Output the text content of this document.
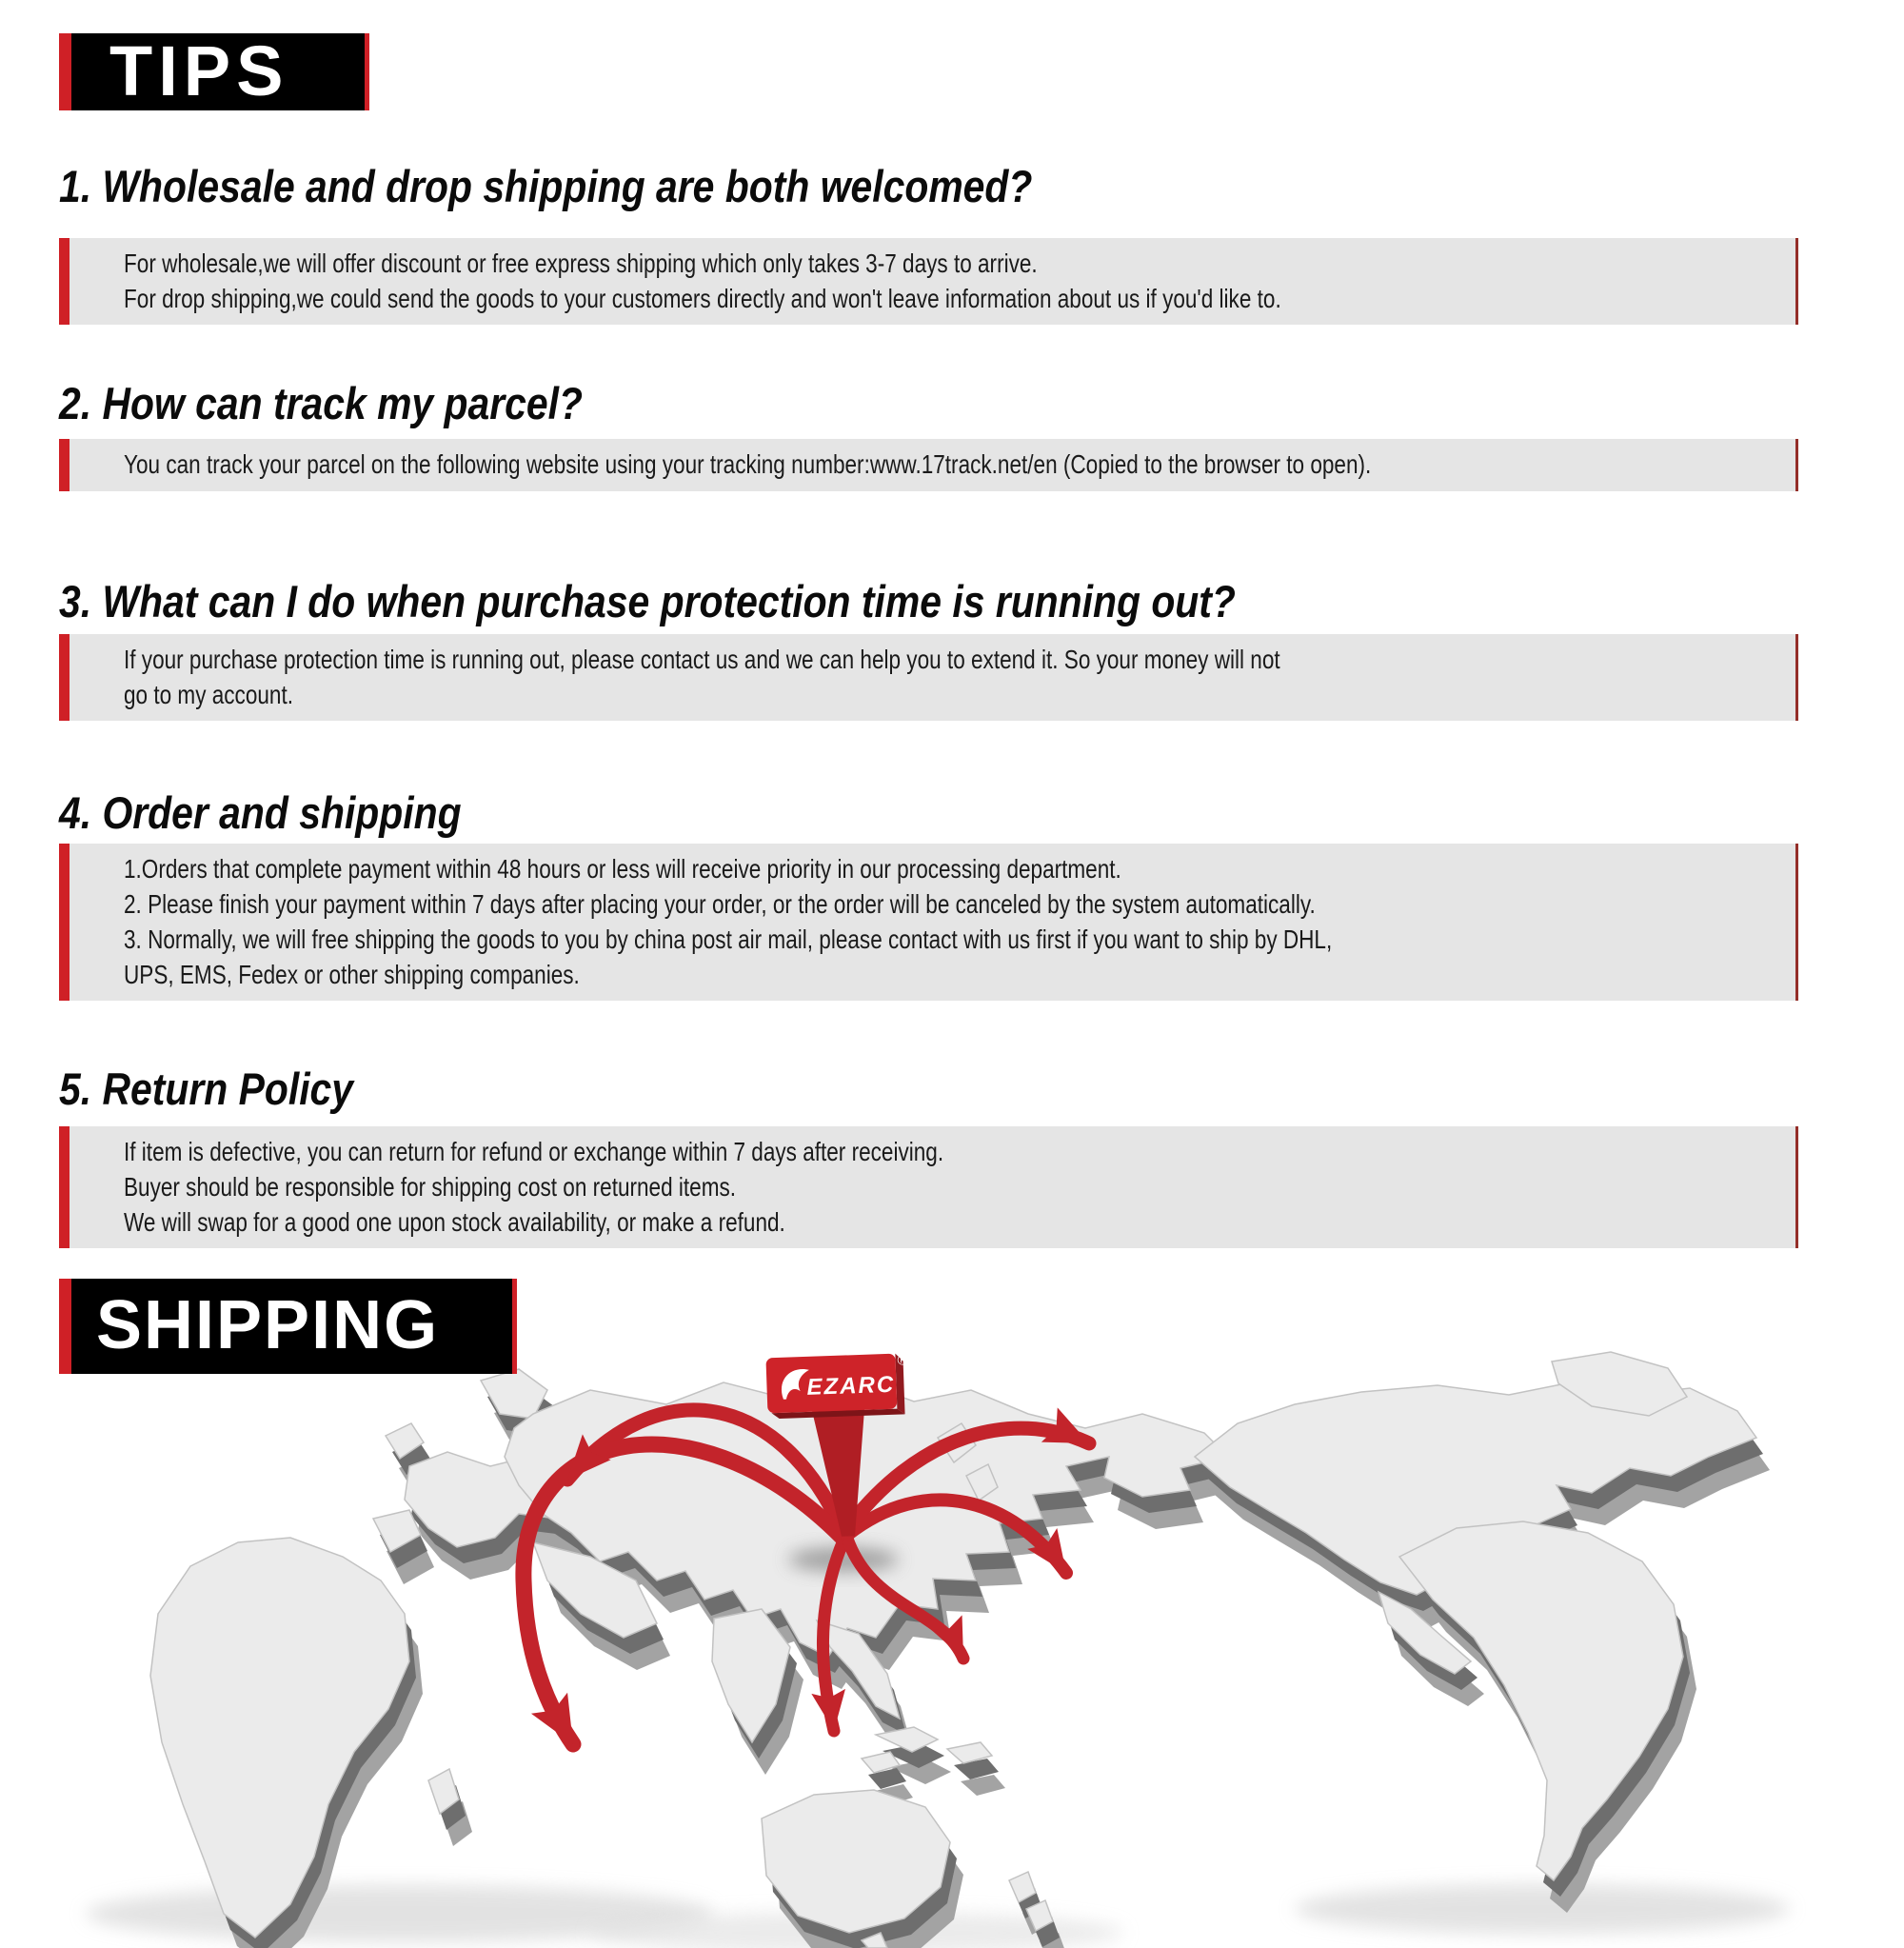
TIPS
1. Wholesale and drop shipping are both welcomed?

For wholesale,we will offer discount or free express shipping which only takes 3-7 days to arrive.

For drop shipping,we could send the goods to your customers directly and won't leave information about us if you'd like to.

2. How can track my parcel?

You can track your parcel on the following website using your tracking number:www.17track.net/en (Copied to the browser to open).

3. What can I do when purchase protection time is running out?

If your purchase protection time is running out, please contact us and we can help you to extend it. So your money will not

go to my account.

4. Order and shipping

1.Orders that complete payment within 48 hours or less will receive priority in our processing department.

2. Please finish your payment within 7 days after placing your order, or the order will be canceled by the system automatically.

3. Normally, we will free shipping the goods to you by china post air mail, please contact with us first if you want to ship by DHL,

UPS, EMS, Fedex or other shipping companies.

5. Return Policy

If item is defective, you can return for refund or exchange within 7 days after receiving.

Buyer should be responsible for shipping cost on returned items.

We will swap for a good one upon stock availability, or make a refund.

EZARC
®
SHIPPING
